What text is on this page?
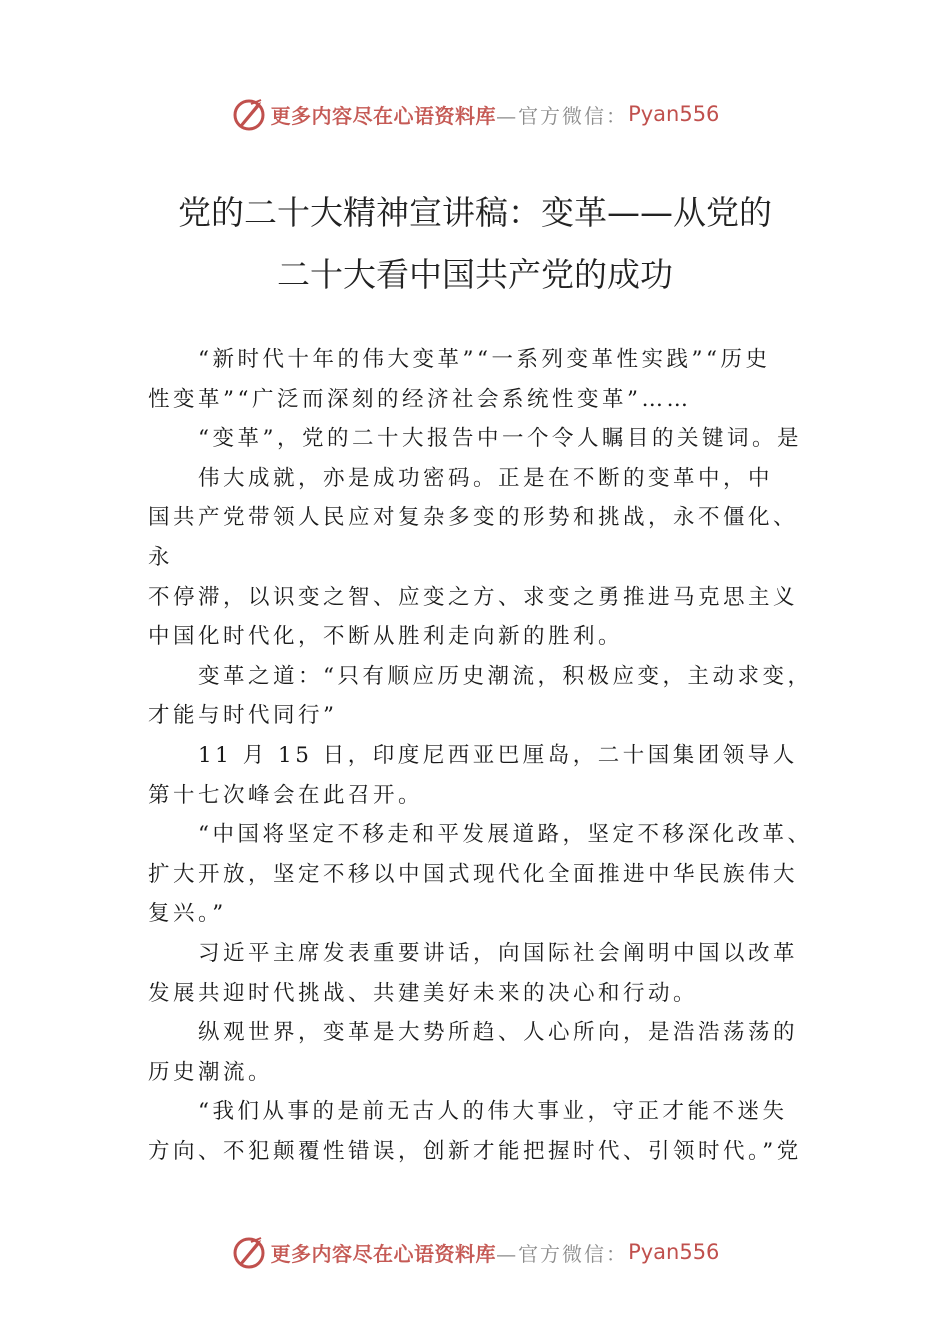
更多内容尽在心语资料库 —官方微信： Pyan556
党的二十大精神宣讲稿：变革——从党的
二十大看中国共产党的成功

“新时代十年的伟大变革”“一系列变革性实践”“历史

性变革”“广泛而深刻的经济社会系统性变革”……

“变革”，党的二十大报告中一个令人瞩目的关键词。是

伟大成就，亦是成功密码。正是在不断的变革中，中

国共产党带领人民应对复杂多变的形势和挑战，永不僵化、 永

不停滞，以识变之智、应变之方、求变之勇推进马克思主义

中国化时代化，不断从胜利走向新的胜利。

变革之道：“只有顺应历史潮流，积极应变，主动求变，

才能与时代同行”

11 月 15 日，印度尼西亚巴厘岛，二十国集团领导人

第十七次峰会在此召开。

“中国将坚定不移走和平发展道路，坚定不移深化改革、

扩大开放，坚定不移以中国式现代化全面推进中华民族伟大

复兴。”

习近平主席发表重要讲话，向国际社会阐明中国以改革

发展共迎时代挑战、共建美好未来的决心和行动。

纵观世界，变革是大势所趋、人心所向，是浩浩荡荡的

历史潮流。

“我们从事的是前无古人的伟大事业，守正才能不迷失

方向、不犯颠覆性错误，创新才能把握时代、引领时代。”党

更多内容尽在心语资料库 —官方微信： Pyan556
